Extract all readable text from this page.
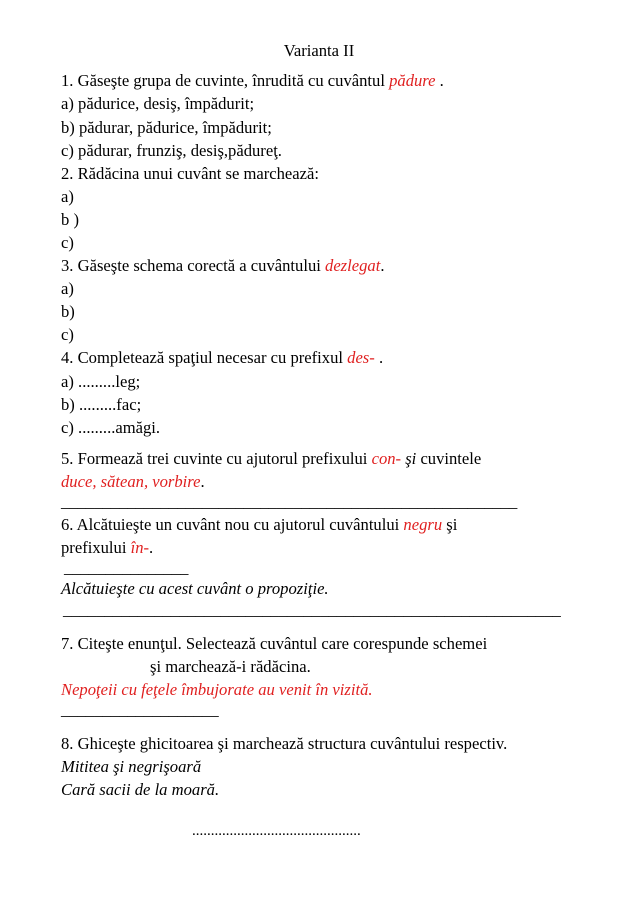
Varianta II
1. Găseşte grupa de cuvinte, înrudită cu cuvântul pădure .
a) pădurice, desiş, împădurit;
b) pădurar, pădurice, împădurit;
c) pădurar, frunziş, desiş,pădureţ.
2. Rădăcina unui cuvânt se marchează:
a)
b )
c)
3. Găseşte schema corectă a cuvântului dezlegat.
a)
b)
c)
4. Completează spaţiul necesar cu prefixul des- .
a) .........leg;
b) .........fac;
c) .........amăgi.
5. Formează trei cuvinte cu ajutorul prefixului con- şi cuvintele
duce, sătean, vorbire.
_______________________________________________________
6. Alcătuieşte un cuvânt nou cu ajutorul cuvântului negru şi
prefixului în-.
_______________
Alcătuieşte cu acest cuvânt o propoziţie.
____________________________________________________________
7. Citeşte enunţul. Selectează cuvântul care corespunde schemei
şi marchează-i rădăcina.
Nepoţeii cu feţele îmbujorate au venit în vizită.
___________________
8. Ghiceşte ghicitoarea şi marchează structura cuvântului respectiv.
Mititea şi negrişoară
Cară sacii de la moară.
.............................................
